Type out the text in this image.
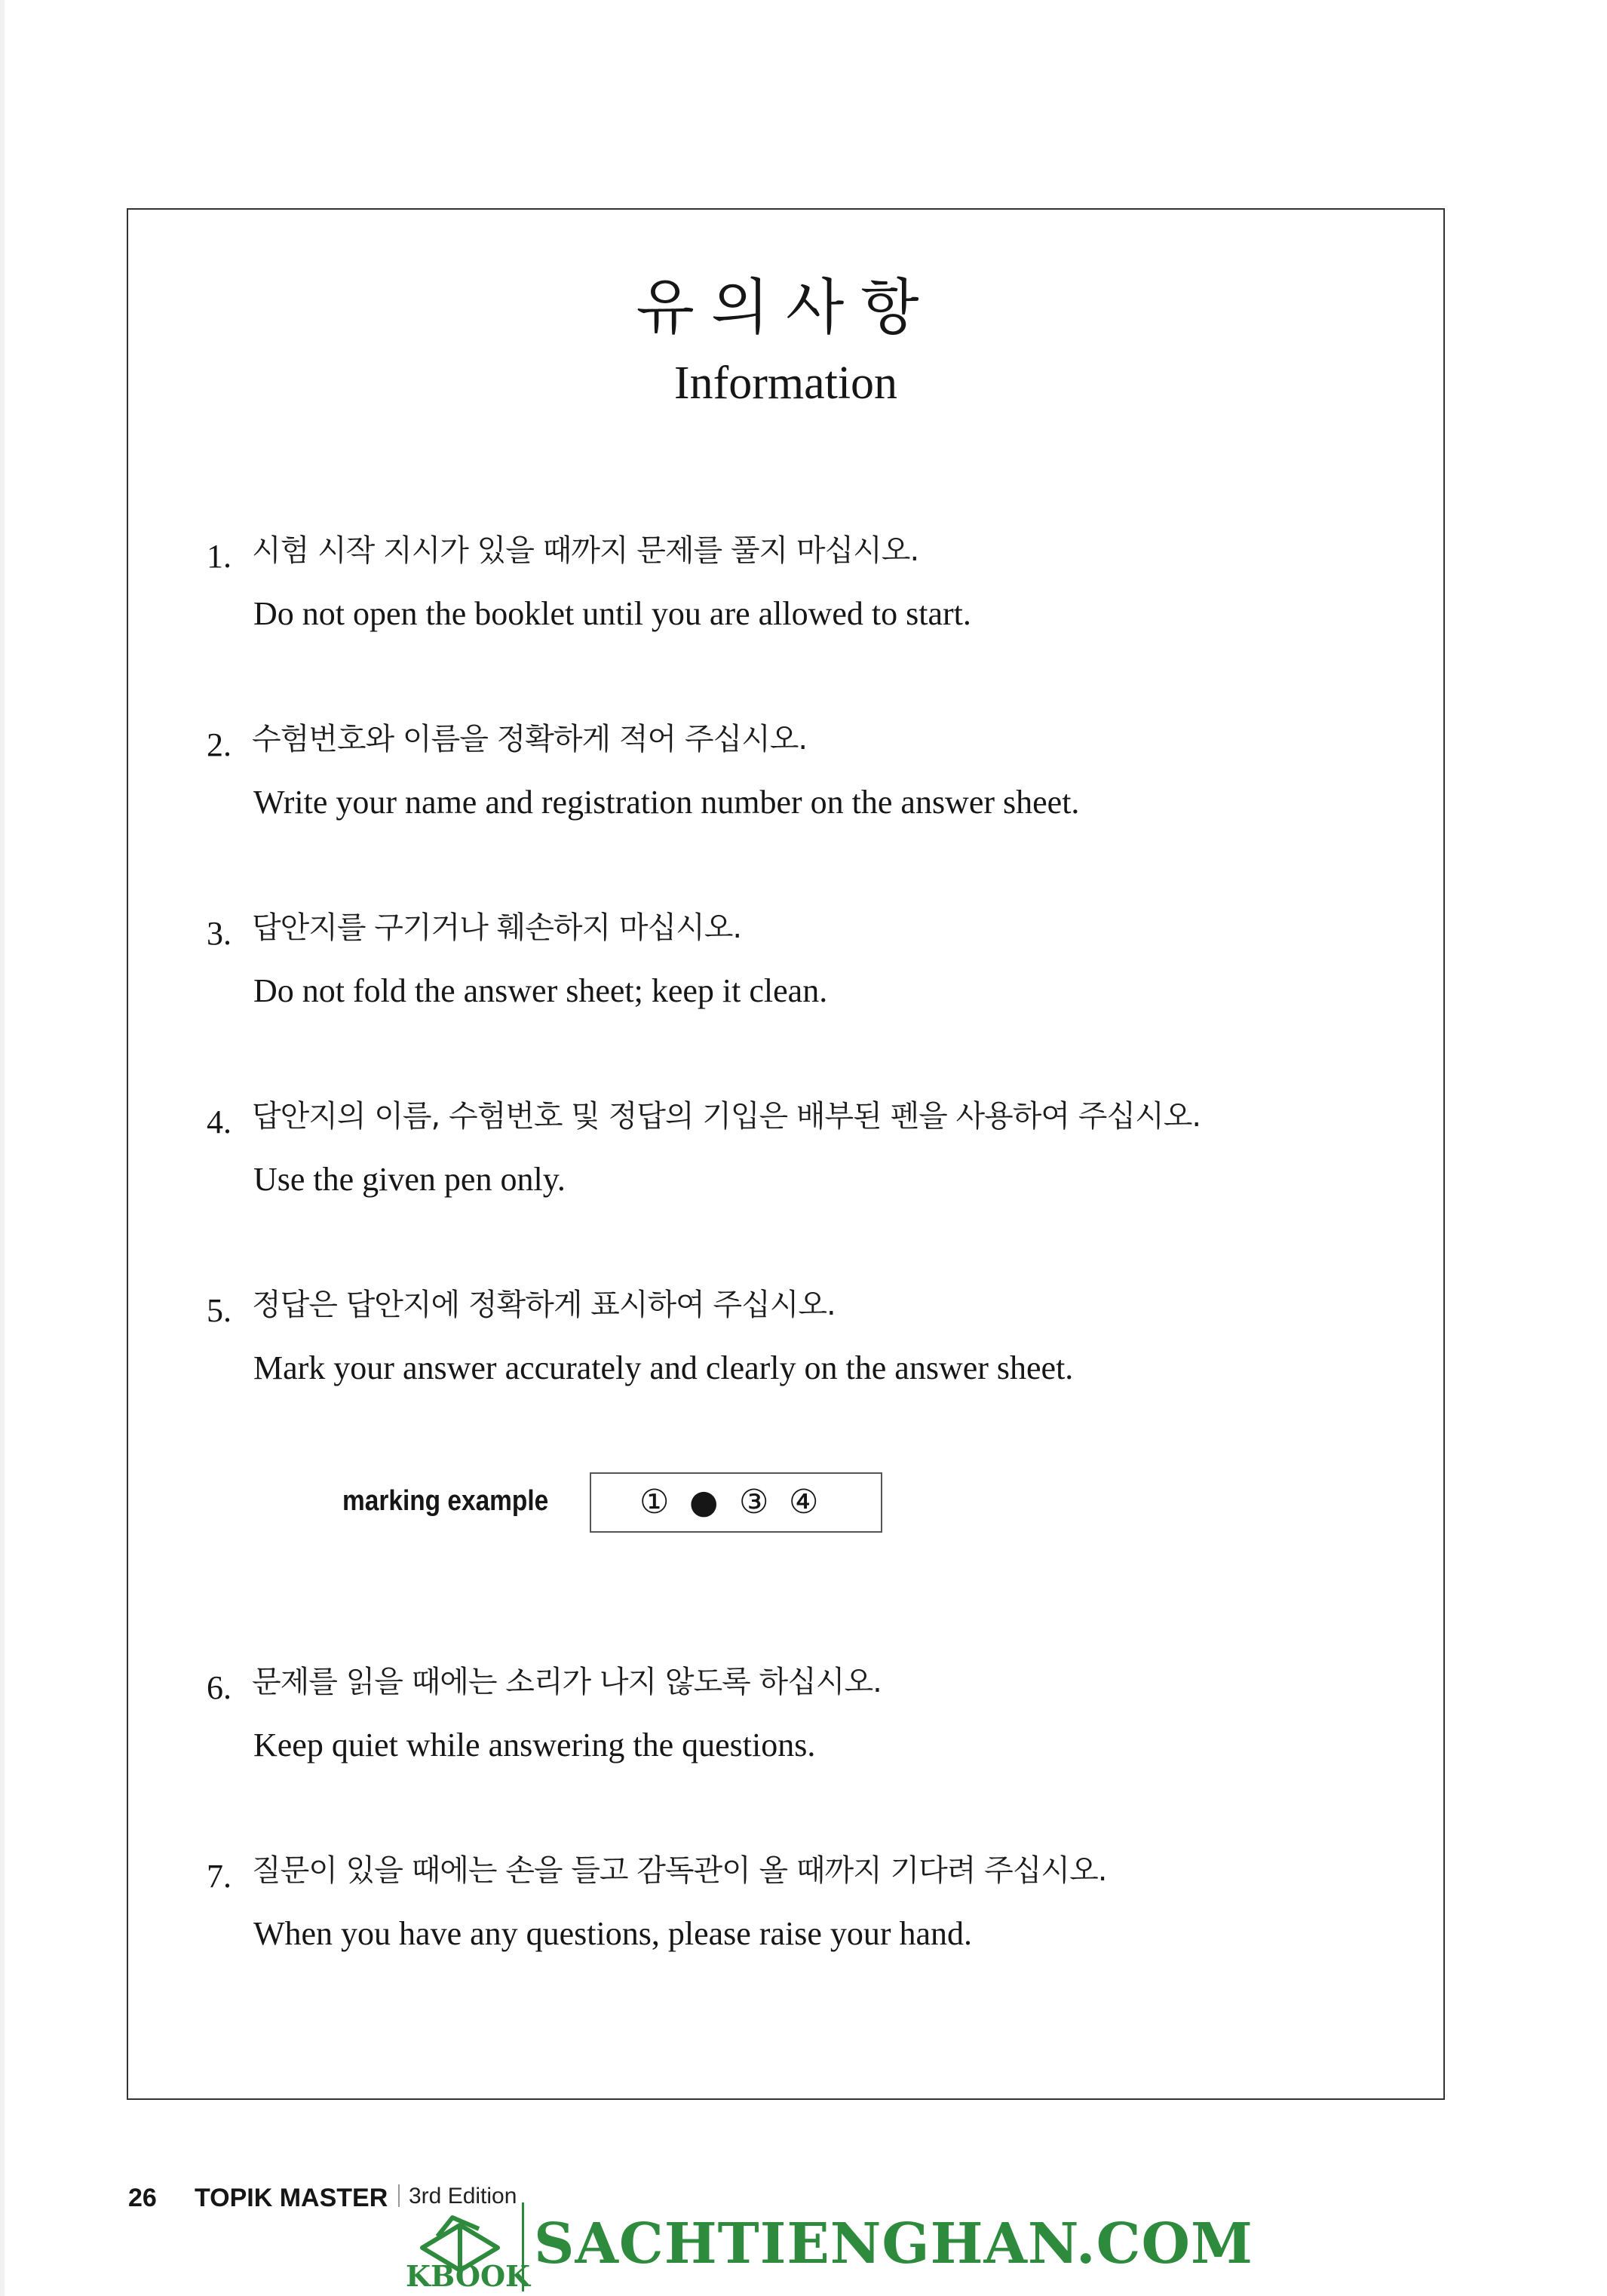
유의사항
Information
1. 시험 시작 지시가 있을 때까지 문제를 풀지 마십시오.
Do not open the booklet until you are allowed to start.
2. 수험번호와 이름을 정확하게 적어 주십시오.
Write your name and registration number on the answer sheet.
3. 답안지를 구기거나 훼손하지 마십시오.
Do not fold the answer sheet; keep it clean.
4. 답안지의 이름, 수험번호 및 정답의 기입은 배부된 펜을 사용하여 주십시오.
Use the given pen only.
5. 정답은 답안지에 정확하게 표시하여 주십시오.
Mark your answer accurately and clearly on the answer sheet.
marking example	① ● ③ ④
6. 문제를 읽을 때에는 소리가 나지 않도록 하십시오.
Keep quiet while answering the questions.
7. 질문이 있을 때에는 손을 들고 감독관이 올 때까지 기다려 주십시오.
When you have any questions, please raise your hand.
26 TOPIK MASTER 3rd Edition
KBOOK SACHTIENGHAN.COM
